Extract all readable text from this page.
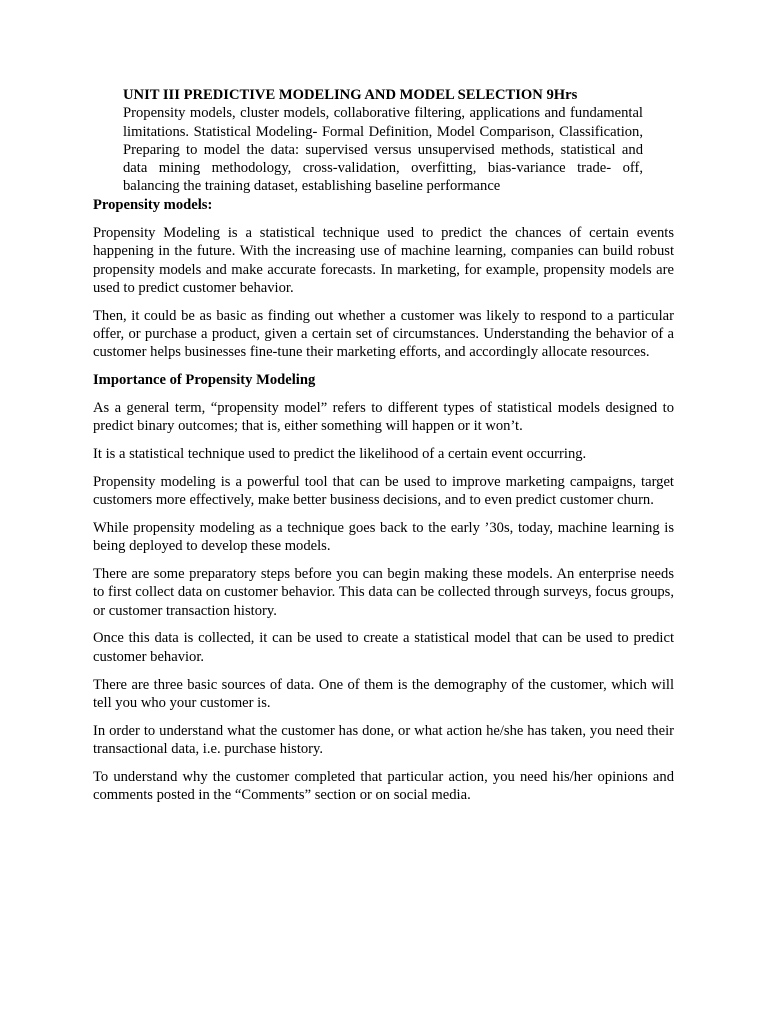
UNIT III PREDICTIVE MODELING AND MODEL SELECTION 9Hrs

Propensity models, cluster models, collaborative filtering, applications and fundamental limitations. Statistical Modeling- Formal Definition, Model Comparison, Classification, Preparing to model the data: supervised versus unsupervised methods, statistical and data mining methodology, cross-validation, overfitting, bias-variance trade- off, balancing the training dataset, establishing baseline performance

Propensity models:

Propensity Modeling is a statistical technique used to predict the chances of certain events happening in the future. With the increasing use of machine learning, companies can build robust propensity models and make accurate forecasts. In marketing, for example, propensity models are used to predict customer behavior.

Then, it could be as basic as finding out whether a customer was likely to respond to a particular offer, or purchase a product, given a certain set of circumstances. Understanding the behavior of a customer helps businesses fine-tune their marketing efforts, and accordingly allocate resources.

Importance of Propensity Modeling

As a general term, “propensity model” refers to different types of statistical models designed to predict binary outcomes; that is, either something will happen or it won’t.

It is a statistical technique used to predict the likelihood of a certain event occurring.

Propensity modeling is a powerful tool that can be used to improve marketing campaigns, target customers more effectively, make better business decisions, and to even predict customer churn.

While propensity modeling as a technique goes back to the early ’30s, today, machine learning is being deployed to develop these models.

There are some preparatory steps before you can begin making these models. An enterprise needs to first collect data on customer behavior. This data can be collected through surveys, focus groups, or customer transaction history.

Once this data is collected, it can be used to create a statistical model that can be used to predict customer behavior.

There are three basic sources of data. One of them is the demography of the customer, which will tell you who your customer is.

In order to understand what the customer has done, or what action he/she has taken, you need their transactional data, i.e. purchase history.

To understand why the customer completed that particular action, you need his/her opinions and comments posted in the “Comments” section or on social media.
